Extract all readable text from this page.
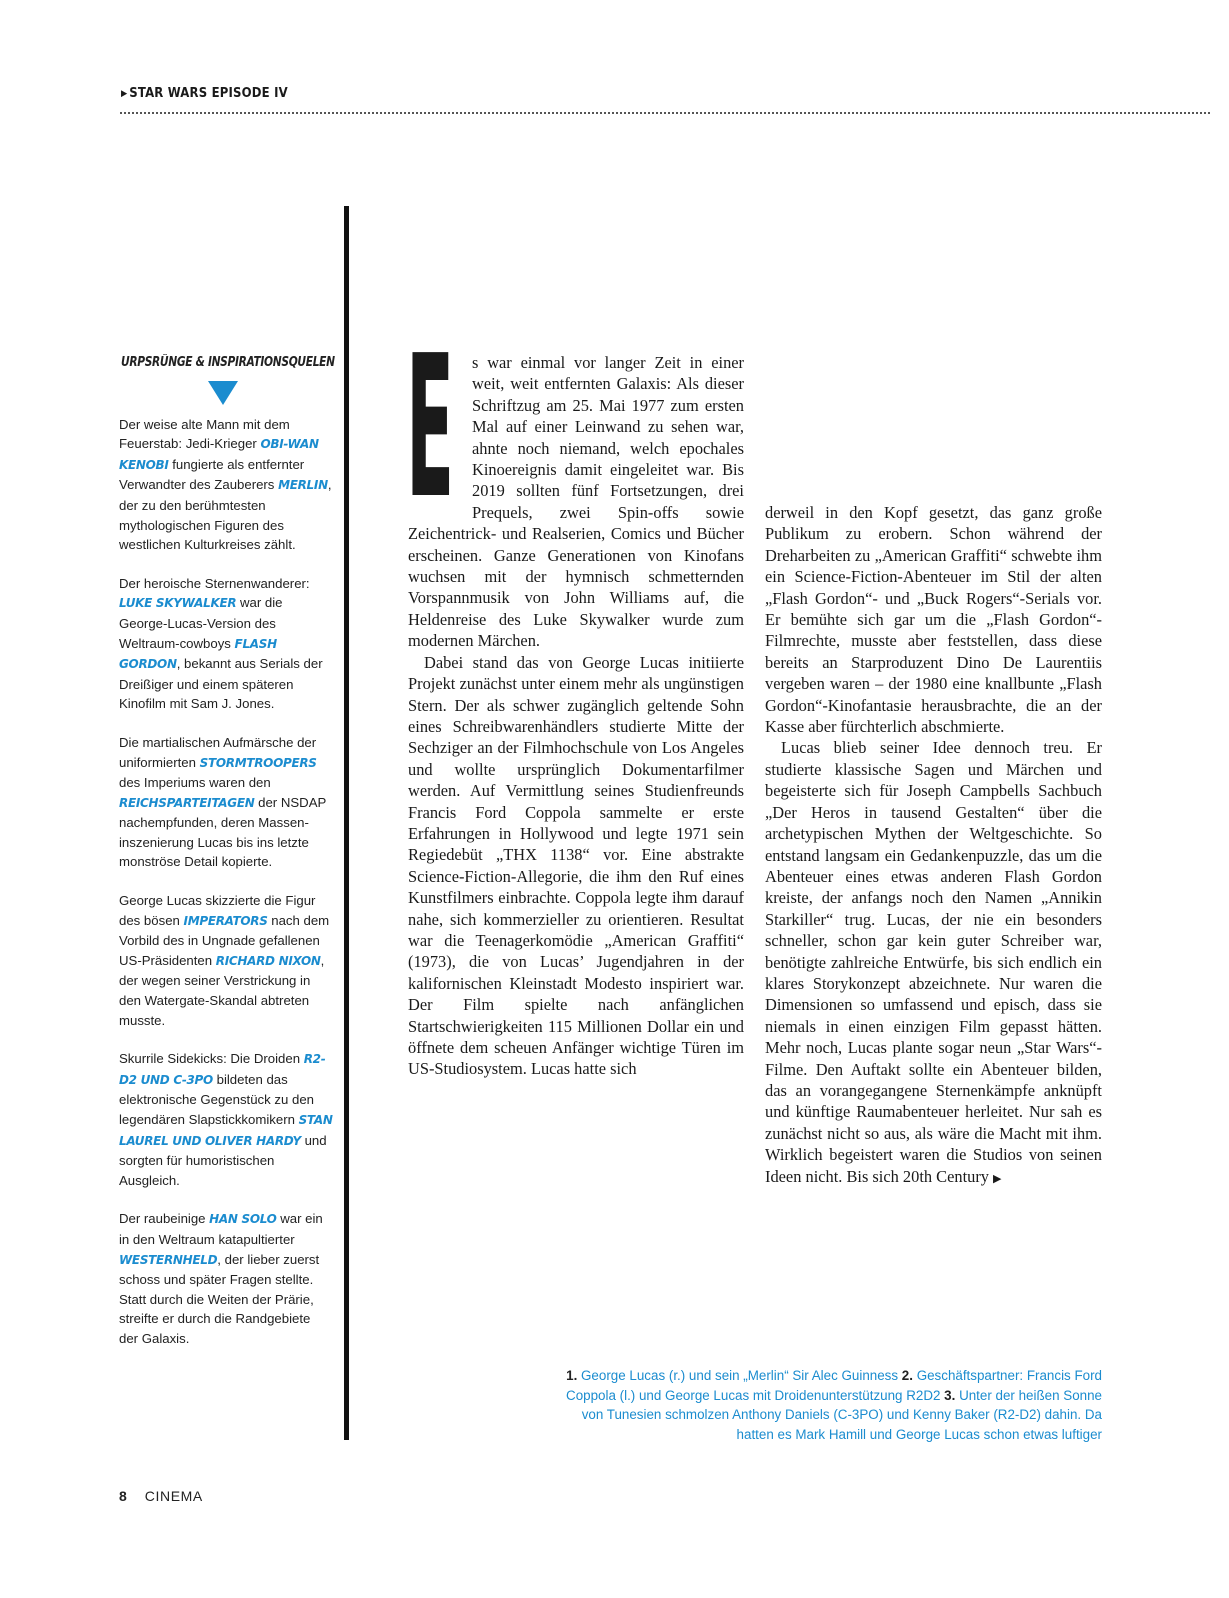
▶ STAR WARS EPISODE IV
URPSRÜNGE & INSPIRATIONSQUELEN

Der weise alte Mann mit dem Feuerstab: Jedi-Krieger OBI-WAN KENOBI fungierte als entfernter Verwandter des Zauberers MERLIN, der zu den berühmtesten mythologischen Figuren des westlichen Kulturkreises zählt.

Der heroische Sternenwanderer: LUKE SKYWALKER war die George-Lucas-Version des Weltraum-cowboys FLASH GORDON, bekannt aus Serials der Dreißiger und einem späteren Kinofilm mit Sam J. Jones.

Die martialischen Aufmärsche der uniformierten STORMTROOPERS des Imperiums waren den REICHSPARTEITAGEN der NSDAP nachempfunden, deren Massen-inszenierung Lucas bis ins letzte monströse Detail kopierte.

George Lucas skizzierte die Figur des bösen IMPERATORS nach dem Vorbild des in Ungnade gefallenen US-Präsidenten RICHARD NIXON, der wegen seiner Verstrickung in den Watergate-Skandal abtreten musste.

Skurrile Sidekicks: Die Droiden R2-D2 UND C-3PO bildeten das elektronische Gegenstück zu den legendären Slapstickkomikern STAN LAUREL UND OLIVER HARDY und sorgten für humoristischen Ausgleich.

Der raubeinige HAN SOLO war ein in den Weltraum katapultierter WESTERNHELD, der lieber zuerst schoss und später Fragen stellte. Statt durch die Weiten der Prärie, streifte er durch die Randgebiete der Galaxis.

E	s war einmal vor langer Zeit in einer weit, weit entfernten Galaxis: Als dieser Schriftzug am 25. Mai 1977 zum ersten Mal auf einer Leinwand zu sehen war, ahnte noch niemand, welch epochales Kinoereignis damit eingeleitet war. Bis 2019 sollten fünf Fortsetzungen, drei Prequels, zwei Spin-offs sowie Zeichentrick- und Realserien, Comics und Bücher erscheinen. Ganze Generationen von Kinofans wuchsen mit der hymnisch schmetternden Vorspannmusik von John Williams auf, die Heldenreise des Luke Skywalker wurde zum modernen Märchen.

Dabei stand das von George Lucas initiierte Projekt zunächst unter einem mehr als ungünstigen Stern. Der als schwer zugänglich geltende Sohn eines Schreibwarenhändlers studierte Mitte der Sechziger an der Filmhochschule von Los Angeles und wollte ursprünglich Dokumentarfilmer werden. Auf Vermittlung seines Studienfreunds Francis Ford Coppola sammelte er erste Erfahrungen in Hollywood und legte 1971 sein Regiedebüt „THX 1138“ vor. Eine abstrakte Science-Fiction-Allegorie, die ihm den Ruf eines Kunstfilmers einbrachte. Coppola legte ihm darauf nahe, sich kommerzieller zu orientieren. Resultat war die Teenagerkomödie „American Graffiti“ (1973), die von Lucas’ Jugendjahren in der kalifornischen Kleinstadt Modesto inspiriert war. Der Film spielte nach anfänglichen Startschwierigkeiten 115 Millionen Dollar ein und öffnete dem scheuen Anfänger wichtige Türen im US-Studiosystem. Lucas hatte sich

derweil in den Kopf gesetzt, das ganz große Publikum zu erobern. Schon während der Dreharbeiten zu „American Graffiti“ schwebte ihm ein Science-Fiction-Abenteuer im Stil der alten „Flash Gordon“- und „Buck Rogers“-Serials vor. Er bemühte sich gar um die „Flash Gordon“-Filmrechte, musste aber feststellen, dass diese bereits an Starproduzent Dino De Laurentiis vergeben waren – der 1980 eine knallbunte „Flash Gordon“-Kinofantasie herausbrachte, die an der Kasse aber fürchterlich abschmierte.

Lucas blieb seiner Idee dennoch treu. Er studierte klassische Sagen und Märchen und begeisterte sich für Joseph Campbells Sachbuch „Der Heros in tausend Gestalten“ über die archetypischen Mythen der Weltgeschichte. So entstand langsam ein Gedankenpuzzle, das um die Abenteuer eines etwas anderen Flash Gordon kreiste, der anfangs noch den Namen „Annikin Starkiller“ trug. Lucas, der nie ein besonders schneller, schon gar kein guter Schreiber war, benötigte zahlreiche Entwürfe, bis sich endlich ein klares Storykonzept abzeichnete. Nur waren die Dimensionen so umfassend und episch, dass sie niemals in einen einzigen Film gepasst hätten. Mehr noch, Lucas plante sogar neun „Star Wars“-Filme. Den Auftakt sollte ein Abenteuer bilden, das an vorangegangene Sternenkämpfe anknüpft und künftige Raumabenteuer herleitet. Nur sah es zunächst nicht so aus, als wäre die Macht mit ihm. Wirklich begeistert waren die Studios von seinen Ideen nicht. Bis sich 20th Century ▶

1. George Lucas (r.) und sein „Merlin“ Sir Alec Guinness 2. Geschäftspartner: Francis Ford Coppola (l.) und George Lucas mit Droidenunterstützung R2D2 3. Unter der heißen Sonne von Tunesien schmolzen Anthony Daniels (C-3PO) und Kenny Baker (R2-D2) dahin. Da hatten es Mark Hamill und George Lucas schon etwas luftiger
8 CINEMA
